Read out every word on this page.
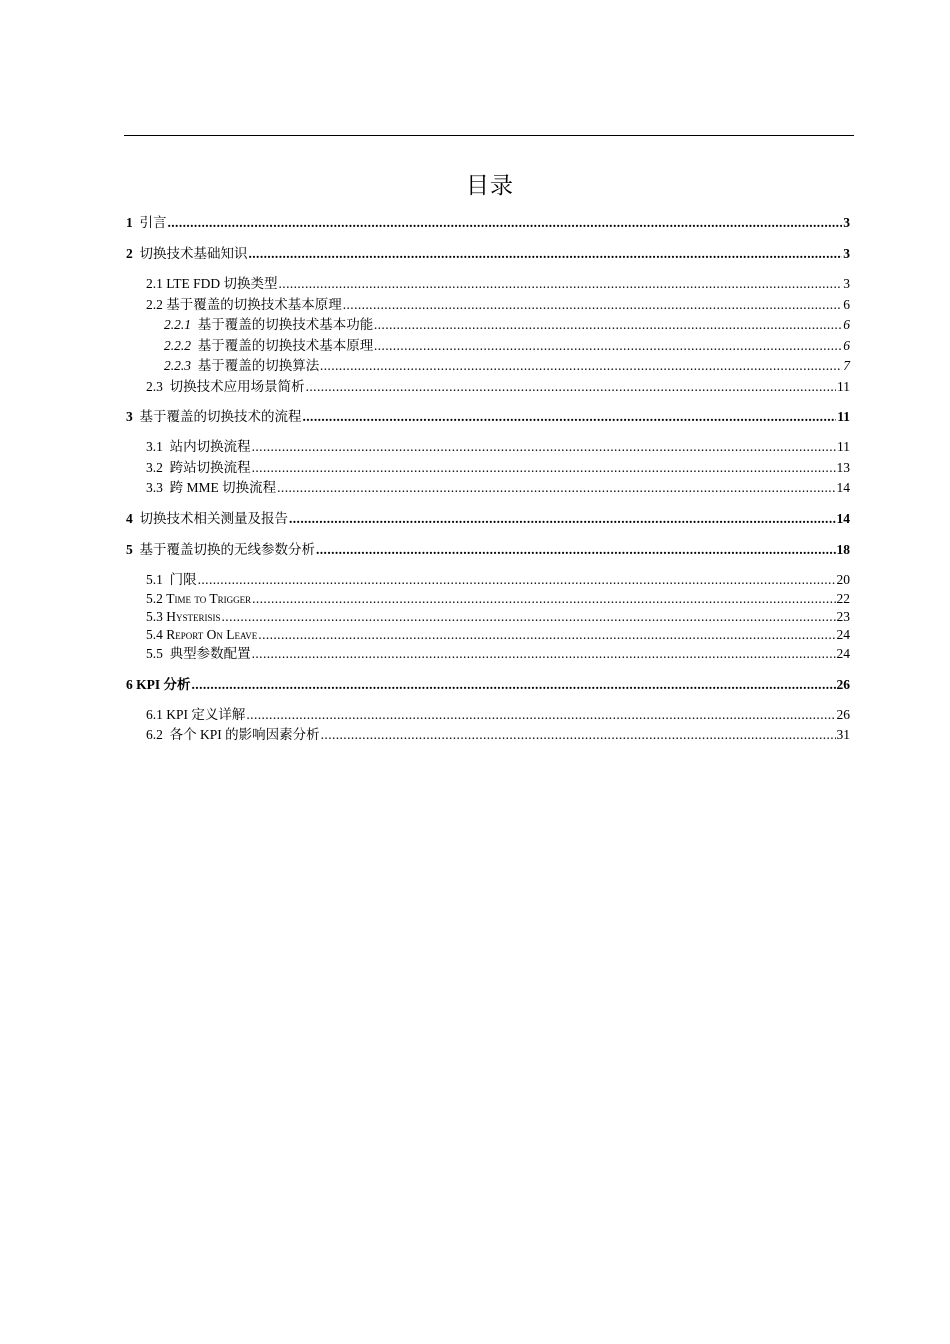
目录
1 引言 .....	3
2 切换技术基础知识 .....	3
2.1 LTE FDD 切换类型 .....	3
2.2 基于覆盖的切换技术基本原理 .....	6
2.2.1 基于覆盖的切换技术基本功能 .....	6
2.2.2 基于覆盖的切换技术基本原理 .....	6
2.2.3 基于覆盖的切换算法 .....	7
2.3 切换技术应用场景简析 .....	11
3 基于覆盖的切换技术的流程 .....	11
3.1 站内切换流程 .....	11
3.2 跨站切换流程 .....	13
3.3 跨 MME 切换流程 .....	14
4 切换技术相关测量及报告 .....	14
5 基于覆盖切换的无线参数分析 .....	18
5.1 门限 .....	20
5.2 Time to Trigger .....	22
5.3 Hysterisis .....	23
5.4 Report On Leave .....	24
5.5 典型参数配置 .....	24
6 KPI 分析 .....	26
6.1 KPI 定义详解 .....	26
6.2 各个 KPI 的影响因素分析 .....	31
